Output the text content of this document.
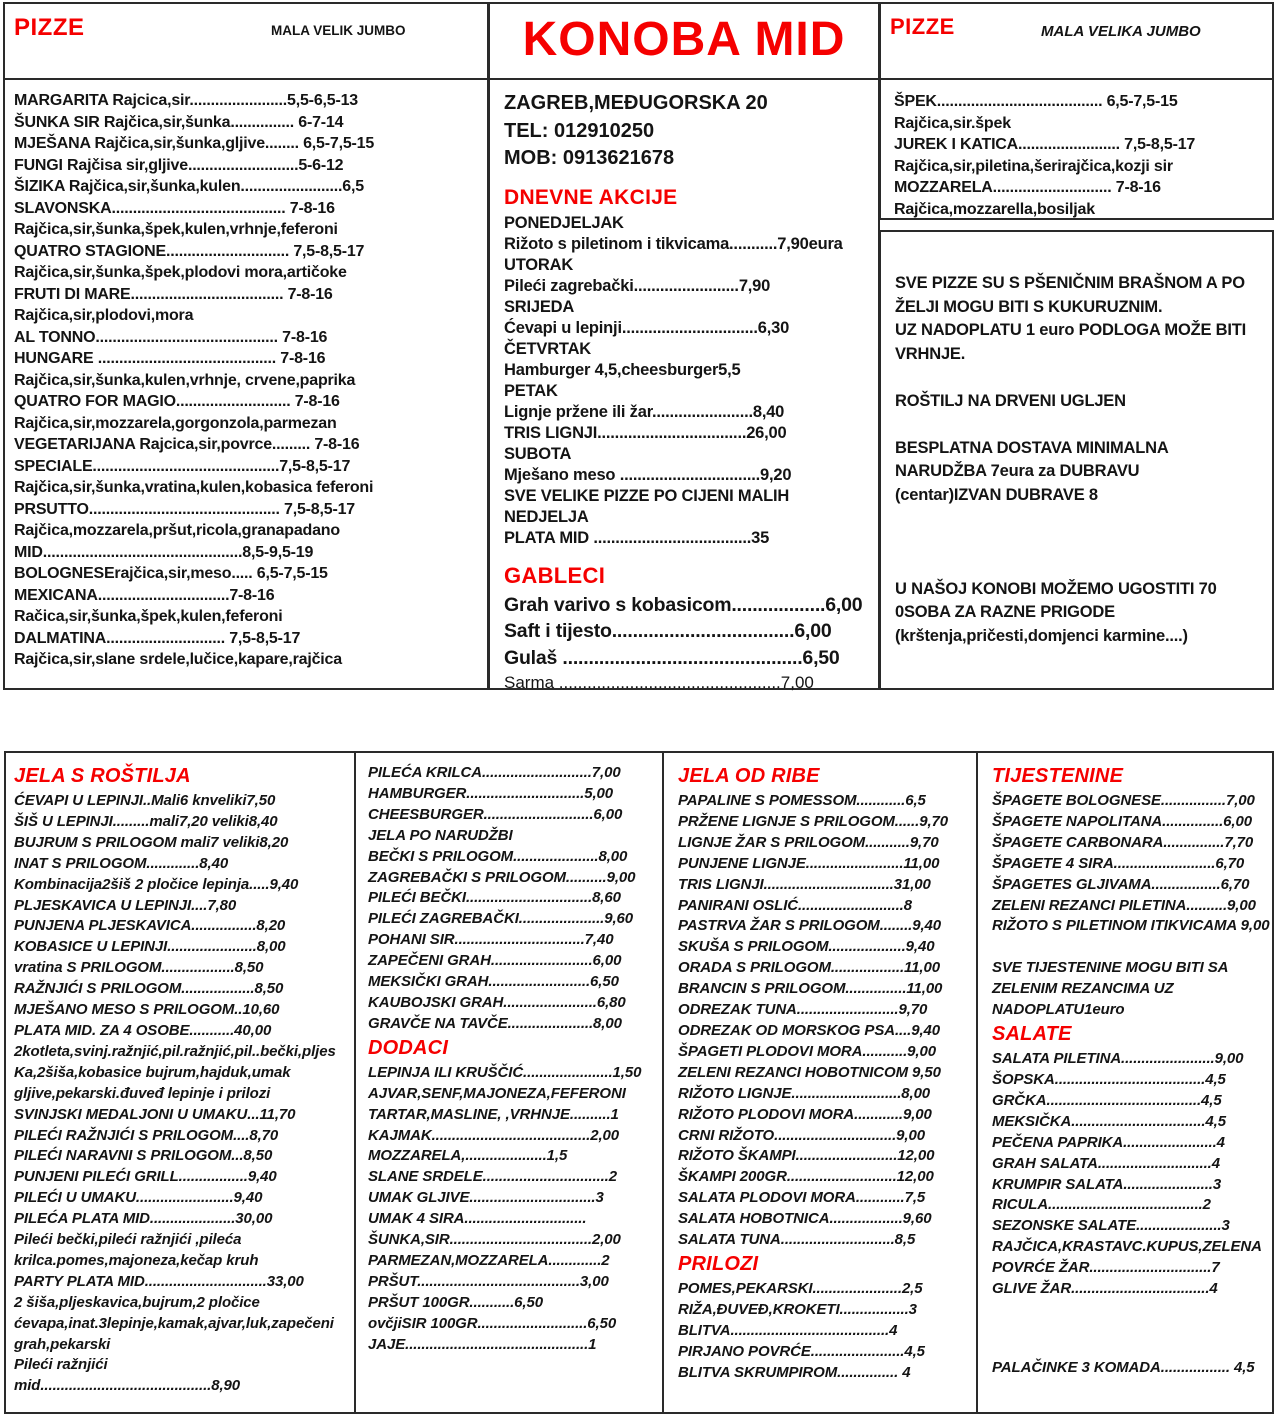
PIZZE	MALA VELIK JUMBO
MARGARITA Rajcica,sir.......................5,5-6,5-13
ŠUNKA SIR Rajčica,sir,šunka............... 6-7-14
MJEŠANA Rajčica,sir,šunka,gljive........ 6,5-7,5-15
FUNGI Rajčisa sir,gljive..........................5-6-12
ŠIZIKA Rajčica,sir,šunka,kulen........................6,5
SLAVONSKA......................................... 7-8-16
Rajčica,sir,šunka,špek,kulen,vrhnje,feferoni
QUATRO STAGIONE............................. 7,5-8,5-17
Rajčica,sir,šunka,špek,plodovi mora,artičoke
FRUTI DI MARE.................................... 7-8-16
Rajčica,sir,plodovi,mora
AL TONNO........................................... 7-8-16
HUNGARE .......................................... 7-8-16
Rajčica,sir,šunka,kulen,vrhnje, crvene,paprika
QUATRO FOR MAGIO........................... 7-8-16
Rajčica,sir,mozzarela,gorgonzola,parmezan
VEGETARIJANA Rajcica,sir,povrce......... 7-8-16
SPECIALE............................................7,5-8,5-17
Rajčica,sir,šunka,vratina,kulen,kobasica feferoni
PRSUTTO............................................. 7,5-8,5-17
Rajčica,mozzarela,pršut,ricola,granapadano
MID...............................................8,5-9,5-19
BOLOGNESErajčica,sir,meso..... 6,5-7,5-15
MEXICANA...............................7-8-16
Račica,sir,šunka,špek,kulen,feferoni
DALMATINA............................ 7,5-8,5-17
Rajčica,sir,slane srdele,lučice,kapare,rajčica
KONOBA MID
ZAGREB,MEĐUGORSKA 20
TEL: 012910250
MOB: 0913621678
DNEVNE AKCIJE
PONEDJELJAK
Rižoto s piletinom i tikvicama...........7,90eura
UTORAK
Pileći zagrebački........................7,90
SRIJEDA
Ćevapi u lepinji...............................6,30
ČETVRTAK
Hamburger 4,5,cheesburger5,5
PETAK
Lignje pržene ili žar.......................8,40
TRIS LIGNJI..................................26,00
SUBOTA
Mješano meso ................................9,20
SVE VELIKE PIZZE PO CIJENI MALIH
NEDJELJA
PLATA MID ....................................35
GABLECI
Grah varivo s kobasicom..................6,00
Saft i tijesto...................................6,00
Gulaš ..............................................6,50
Sarma ...............................................7,00
PIZZE	MALA VELIKA JUMBO
ŠPEK....................................... 6,5-7,5-15
Rajčica,sir.špek
JUREK I KATICA........................ 7,5-8,5-17
Rajčica,sir,piletina,šerirajčica,kozji sir
MOZZARELA............................ 7-8-16
Rajčica,mozzarella,bosiljak
SVE PIZZE SU S PŠENIČNIM BRAŠNOM A PO
ŽELJI MOGU BITI S KUKURUZNIM.
UZ NADOPLATU 1 euro PODLOGA MOŽE BITI
VRHNJE.

ROŠTILJ NA DRVENI UGLJEN

BESPLATNA DOSTAVA MINIMALNA
NARUDŽBA 7eura za DUBRAVU
(centar)IZVAN DUBRAVE 8

U NAŠOJ KONOBI MOŽEMO UGOSTITI 70
0SOBA ZA RAZNE PRIGODE
(krštenja,pričesti,domjenci karmine....)
JELA S ROŠTILJA
ĆEVAPI U LEPINJI..Mali6 knveliki7,50
ŠIŠ U LEPINJI.........mali7,20 veliki8,40
BUJRUM S PRILOGOM mali7 veliki8,20
INAT S PRILOGOM.............8,40
Kombinacija2šiš 2 pločice lepinja.....9,40
PLJESKAVICA U LEPINJI....7,80
PUNJENA PLJESKAVICA................8,20
KOBASICE U LEPINJI......................8,00
vratina S PRILOGOM..................8,50
RAŽNJIĆI S PRILOGOM..................8,50
MJEŠANO MESO S PRILOGOM..10,60
PLATA MID. ZA 4 OSOBE...........40,00
2kotleta,svinj.ražnjić,pil.ražnjić,pil..bečki,pljes
Ka,2šiša,kobasice bujrum,hajduk,umak
gljive,pekarski.đuveđ lepinje i prilozi
SVINJSKI MEDALJONI U UMAKU...11,70
PILEĆI RAŽNJIĆI S PRILOGOM....8,70
PILEĆI NARAVNI S PRILOGOM...8,50
PUNJENI PILEĆI GRILL.................9,40
PILEĆI U UMAKU........................9,40
PILEĆA PLATA MID.....................30,00
Pileći bečki,pileći ražnjići ,pileća
krilca.pomes,majoneza,kečap kruh
PARTY PLATA MID..............................33,00
2 šiša,pljeskavica,bujrum,2 pločice
ćevapa,inat.3lepinje,kamak,ajvar,luk,zapečeni
grah,pekarski
Pileći ražnjići
mid..........................................8,90
PILEĆA KRILCA...........................7,00
HAMBURGER.............................5,00
CHEESBURGER...........................6,00
JELA PO NARUDŽBI
BEČKI S PRILOGOM.....................8,00
ZAGREBAČKI S PRILOGOM..........9,00
PILEĆI BEČKI...............................8,60
PILEĆI ZAGREBAČKI.....................9,60
POHANI SIR................................7,40
ZAPEČENI GRAH.........................6,00
MEKSIČKI GRAH.........................6,50
KAUBOJSKI GRAH.......................6,80
GRAVČE NA TAVČE.....................8,00
DODACI
LEPINJA ILI KRUŠČIĆ......................1,50
AJVAR,SENF,MAJONEZA,FEFERONI
TARTAR,MASLINE, ,VRHNJE..........1
KAJMAK.......................................2,00
MOZZARELA,....................1,5
SLANE SRDELE...............................2
UMAK GLJIVE...............................3
UMAK 4 SIRA..............................
ŠUNKA,SIR...................................2,00
PARMEZAN,MOZZARELA.............2
PRŠUT........................................3,00
PRŠUT 100GR...........6,50
ovčjiSIR 100GR...........................6,50
JAJE.............................................1
JELA OD RIBE
PAPALINE S POMESSOM............6,5
PRŽENE LIGNJE S PRILOGOM......9,70
LIGNJE ŽAR S PRILOGOM...........9,70
PUNJENE LIGNJE........................11,00
TRIS LIGNJI................................31,00
PANIRANI OSLIĆ..........................8
PASTRVA ŽAR S PRILOGOM........9,40
SKUŠA S PRILOGOM...................9,40
ORADA S PRILOGOM..................11,00
BRANCIN S PRILOGOM...............11,00
ODREZAK TUNA.........................9,70
ODREZAK OD MORSKOG PSA....9,40
ŠPAGETI PLODOVI MORA...........9,00
ZELENI REZANCI HOBOTNICOM 9,50
RIŽOTO LIGNJE...........................8,00
RIŽOTO PLODOVI MORA............9,00
CRNI RIŽOTO..............................9,00
RIŽOTO ŠKAMPI.........................12,00
ŠKAMPI 200GR...........................12,00
SALATA PLODOVI MORA............7,5
SALATA HOBOTNICA..................9,60
SALATA TUNA............................8,5
PRILOZI
POMES,PEKARSKI......................2,5
RIŽA,ĐUVEĐ,KROKETI.................3
BLITVA.......................................4
PIRJANO POVRĆE.......................4,5
BLITVA SKRUMPIROM............... 4
TIJESTENINE
ŠPAGETE BOLOGNESE................7,00
ŠPAGETE NAPOLITANA...............6,00
ŠPAGETE CARBONARA...............7,70
ŠPAGETE 4 SIRA.........................6,70
ŠPAGETES GLJIVAMA.................6,70
ZELENI REZANCI PILETINA..........9,00
RIŽOTO S PILETINOM ITIKVICAMA 9,00
SVE TIJESTENINE MOGU BITI SA
ZELENIM REZANCIMA UZ
NADOPLATU1euro
SALATE
SALATA PILETINA.......................9,00
ŠOPSKA.....................................4,5
GRČKA......................................4,5
MEKSIČKA.................................4,5
PEČENA PAPRIKA.......................4
GRAH SALATA............................4
KRUMPIR SALATA......................3
RICULA......................................2
SEZONSKE SALATE.....................3
RAJČICA,KRASTAVC.KUPUS,ZELENA
POVRĆE ŽAR..............................7
GLIVE ŽAR..................................4
PALAČINKE 3 KOMADA................. 4,5
